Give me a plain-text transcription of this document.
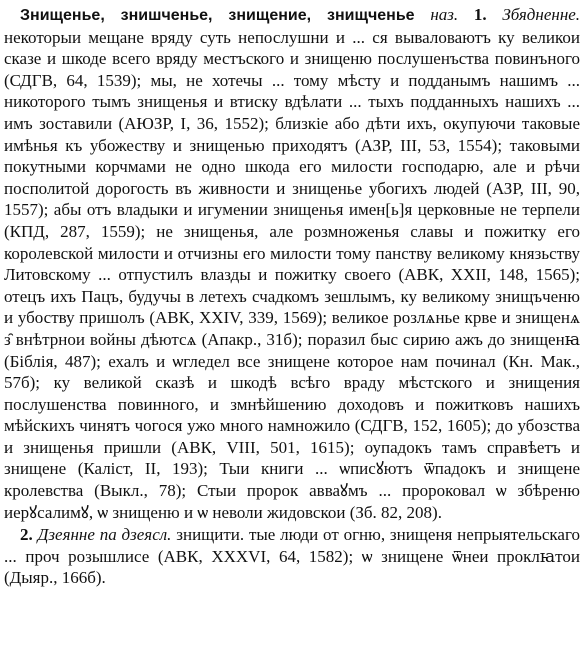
Знищенье, знишченье, знищение, знищченье наз. 1. Збядненне. некоторыи мещане вряду суть непослушни и ... ся вываловаютъ ку великои сказе и шкоде всего вряду местъского и знищеню послушенъства повинъного (СДГВ, 64, 1539); мы, не хотечы ... тому мѣсту и подданымъ нашимъ ... никоторого тымъ знищенья и втиску вдѣлати ... тыхъ подданныхъ нашихъ ... имъ зоставили (АЮЗР, I, 36, 1552); близкіе або дѣти ихъ, окупуючи таковые имѣнья къ убожеству и знищенью приходятъ (АЗР, III, 53, 1554); таковыми покутными корчмами не одно шкода его милости господарю, але и рѣчи посполитой дорогость въ живности и знищенье убогихъ людей (АЗР, III, 90, 1557); абы отъ владыки и игумении знищенья имен[ь]я церковные не терпели (КПД, 287, 1559); не знищенья, але розмноженья славы и пожитку его королевской милости и отчизны его милости тому панству великому князьству Литовскому ... отпустилъ влазды и пожитку своего (АВК, XXII, 148, 1565); отецъ ихъ Пацъ, будучы в летехъ счадкомъ зешлымъ, ку великому знищъченю и убоству пришолъ (АВК, XXIV, 339, 1569); великое розлѧнье крве и знищенѧ з̑ внѣтрнои войны дѣютсѧ (Апакр., 31б); поразил быс сирию ажъ до знищенꙗ (Біблія, 487); ехалъ и ѡгледел все знищене которое нам починал (Кн. Мак., 57б); ку великой сказѣ и шкодѣ всѣго враду мѣстского и знищения послушенства повинного, и змнѣйшению доходовъ и пожитковъ нашихъ мѣйскихъ чинятъ чогося ужо много намножило (СДГВ, 152, 1605); до убозства и знищенья пришли (АВК, VIII, 501, 1615); оупадокъ тамъ справѣетъ и знищене (Каліст, II, 193); Тыи книги ... ѡписꙋютъ ѿпадокъ и знищене кролевства (Выкл., 78); Стыи пророк авваꙋмъ ... пророковал ѡ збѣреню иерꙋсалимꙋ, ѡ знищеню и ѡ неволи жидовскои (Зб. 82, 208).

2. Дзеянне па дзеясл. знищити. тые люди от огню, знищеня непрыятельскаго ... проч розышлисе (АВК, XXXVI, 64, 1582); ѡ знищене ѿнеи проклꙗтои (Дыяр., 166б).
